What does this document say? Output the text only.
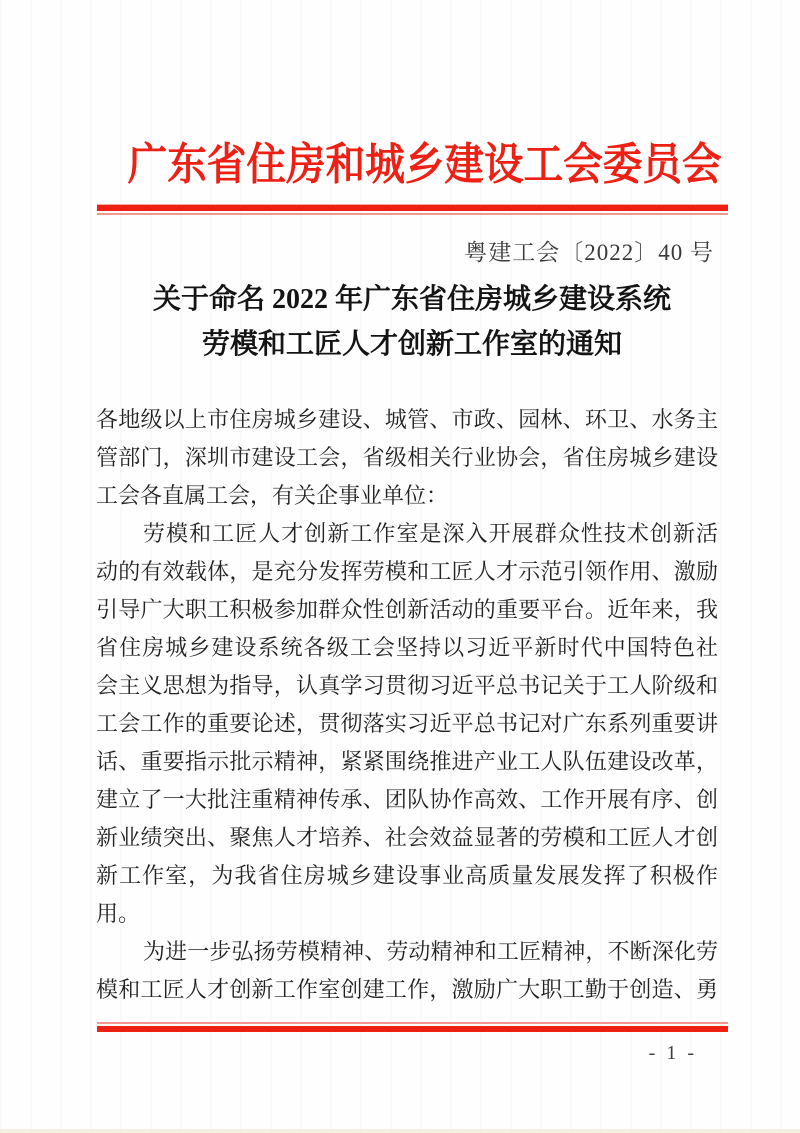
广东省住房和城乡建设工会委员会
粤建工会〔2022〕40 号
关于命名 2022 年广东省住房城乡建设系统
劳模和工匠人才创新工作室的通知
各地级以上市住房城乡建设、城管、市政、园林、环卫、水务主
管部门，深圳市建设工会，省级相关行业协会，省住房城乡建设
工会各直属工会，有关企事业单位：
劳模和工匠人才创新工作室是深入开展群众性技术创新活
动的有效载体，是充分发挥劳模和工匠人才示范引领作用、激励
引导广大职工积极参加群众性创新活动的重要平台。近年来，我
省住房城乡建设系统各级工会坚持以习近平新时代中国特色社
会主义思想为指导，认真学习贯彻习近平总书记关于工人阶级和
工会工作的重要论述，贯彻落实习近平总书记对广东系列重要讲
话、重要指示批示精神，紧紧围绕推进产业工人队伍建设改革，
建立了一大批注重精神传承、团队协作高效、工作开展有序、创
新业绩突出、聚焦人才培养、社会效益显著的劳模和工匠人才创
新工作室，为我省住房城乡建设事业高质量发展发挥了积极作
用。
为进一步弘扬劳模精神、劳动精神和工匠精神，不断深化劳
模和工匠人才创新工作室创建工作，激励广大职工勤于创造、勇
- 1 -
